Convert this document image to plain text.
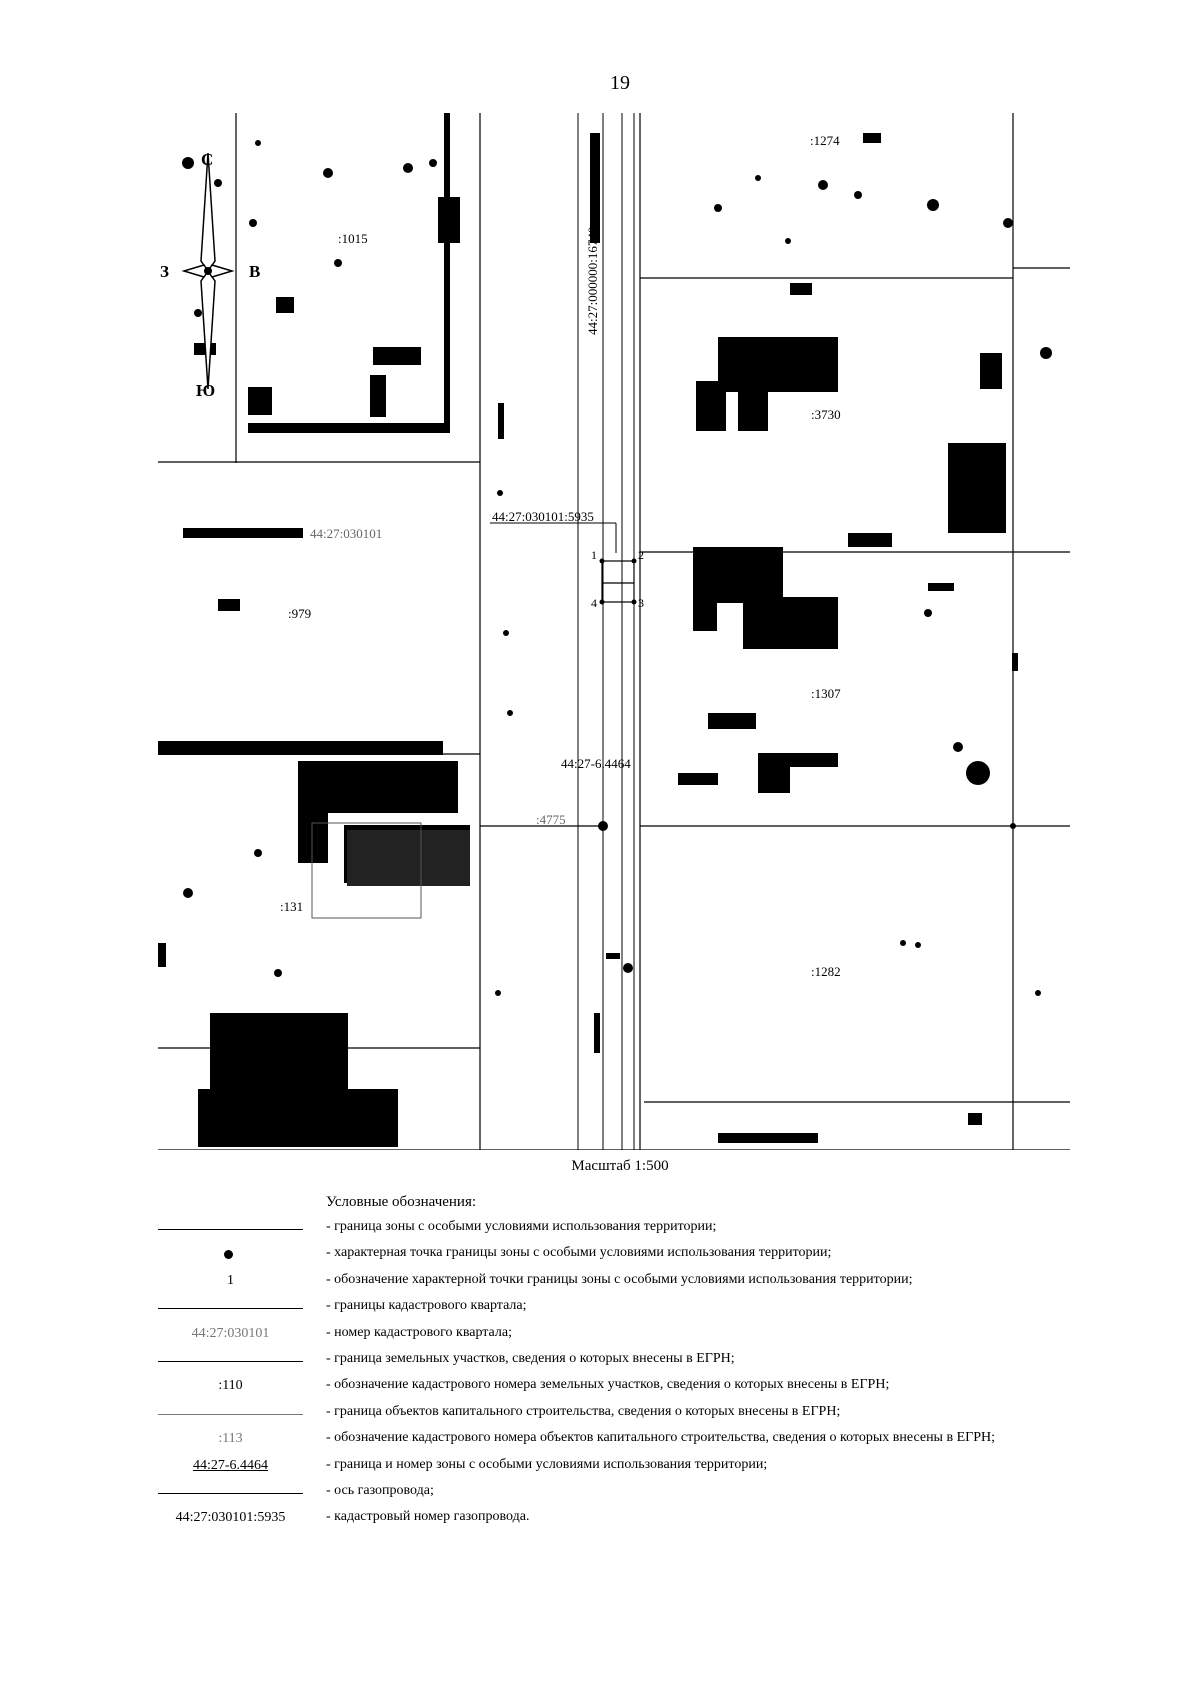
19
С
З	В
Ю
:1274
:1015
:3730
:979
:1307
:131
:1282
44:27:030101
44:27:030101:5935
44:27:000000:16740
44:27-6.4464
:4775
1	2
3
4
Масштаб 1:500
Условные обозначения:
- граница зоны с особыми условиями использования территории;
- характерная точка границы зоны с особыми условиями использования территории;
1	- обозначение характерной точки границы зоны с особыми условиями использования территории;
- границы кадастрового квартала;
44:27:030101	- номер кадастрового квартала;
- граница земельных участков, сведения о которых внесены в ЕГРН;
:110	- обозначение кадастрового номера земельных участков, сведения о которых внесены в ЕГРН;
- граница объектов капитального строительства, сведения о которых внесены в ЕГРН;
:113	- обозначение кадастрового номера объектов капитального строительства, сведения о которых внесены в ЕГРН;
44:27-6.4464	- граница и номер зоны с особыми условиями использования территории;
- ось газопровода;
44:27:030101:5935	- кадастровый номер газопровода.
